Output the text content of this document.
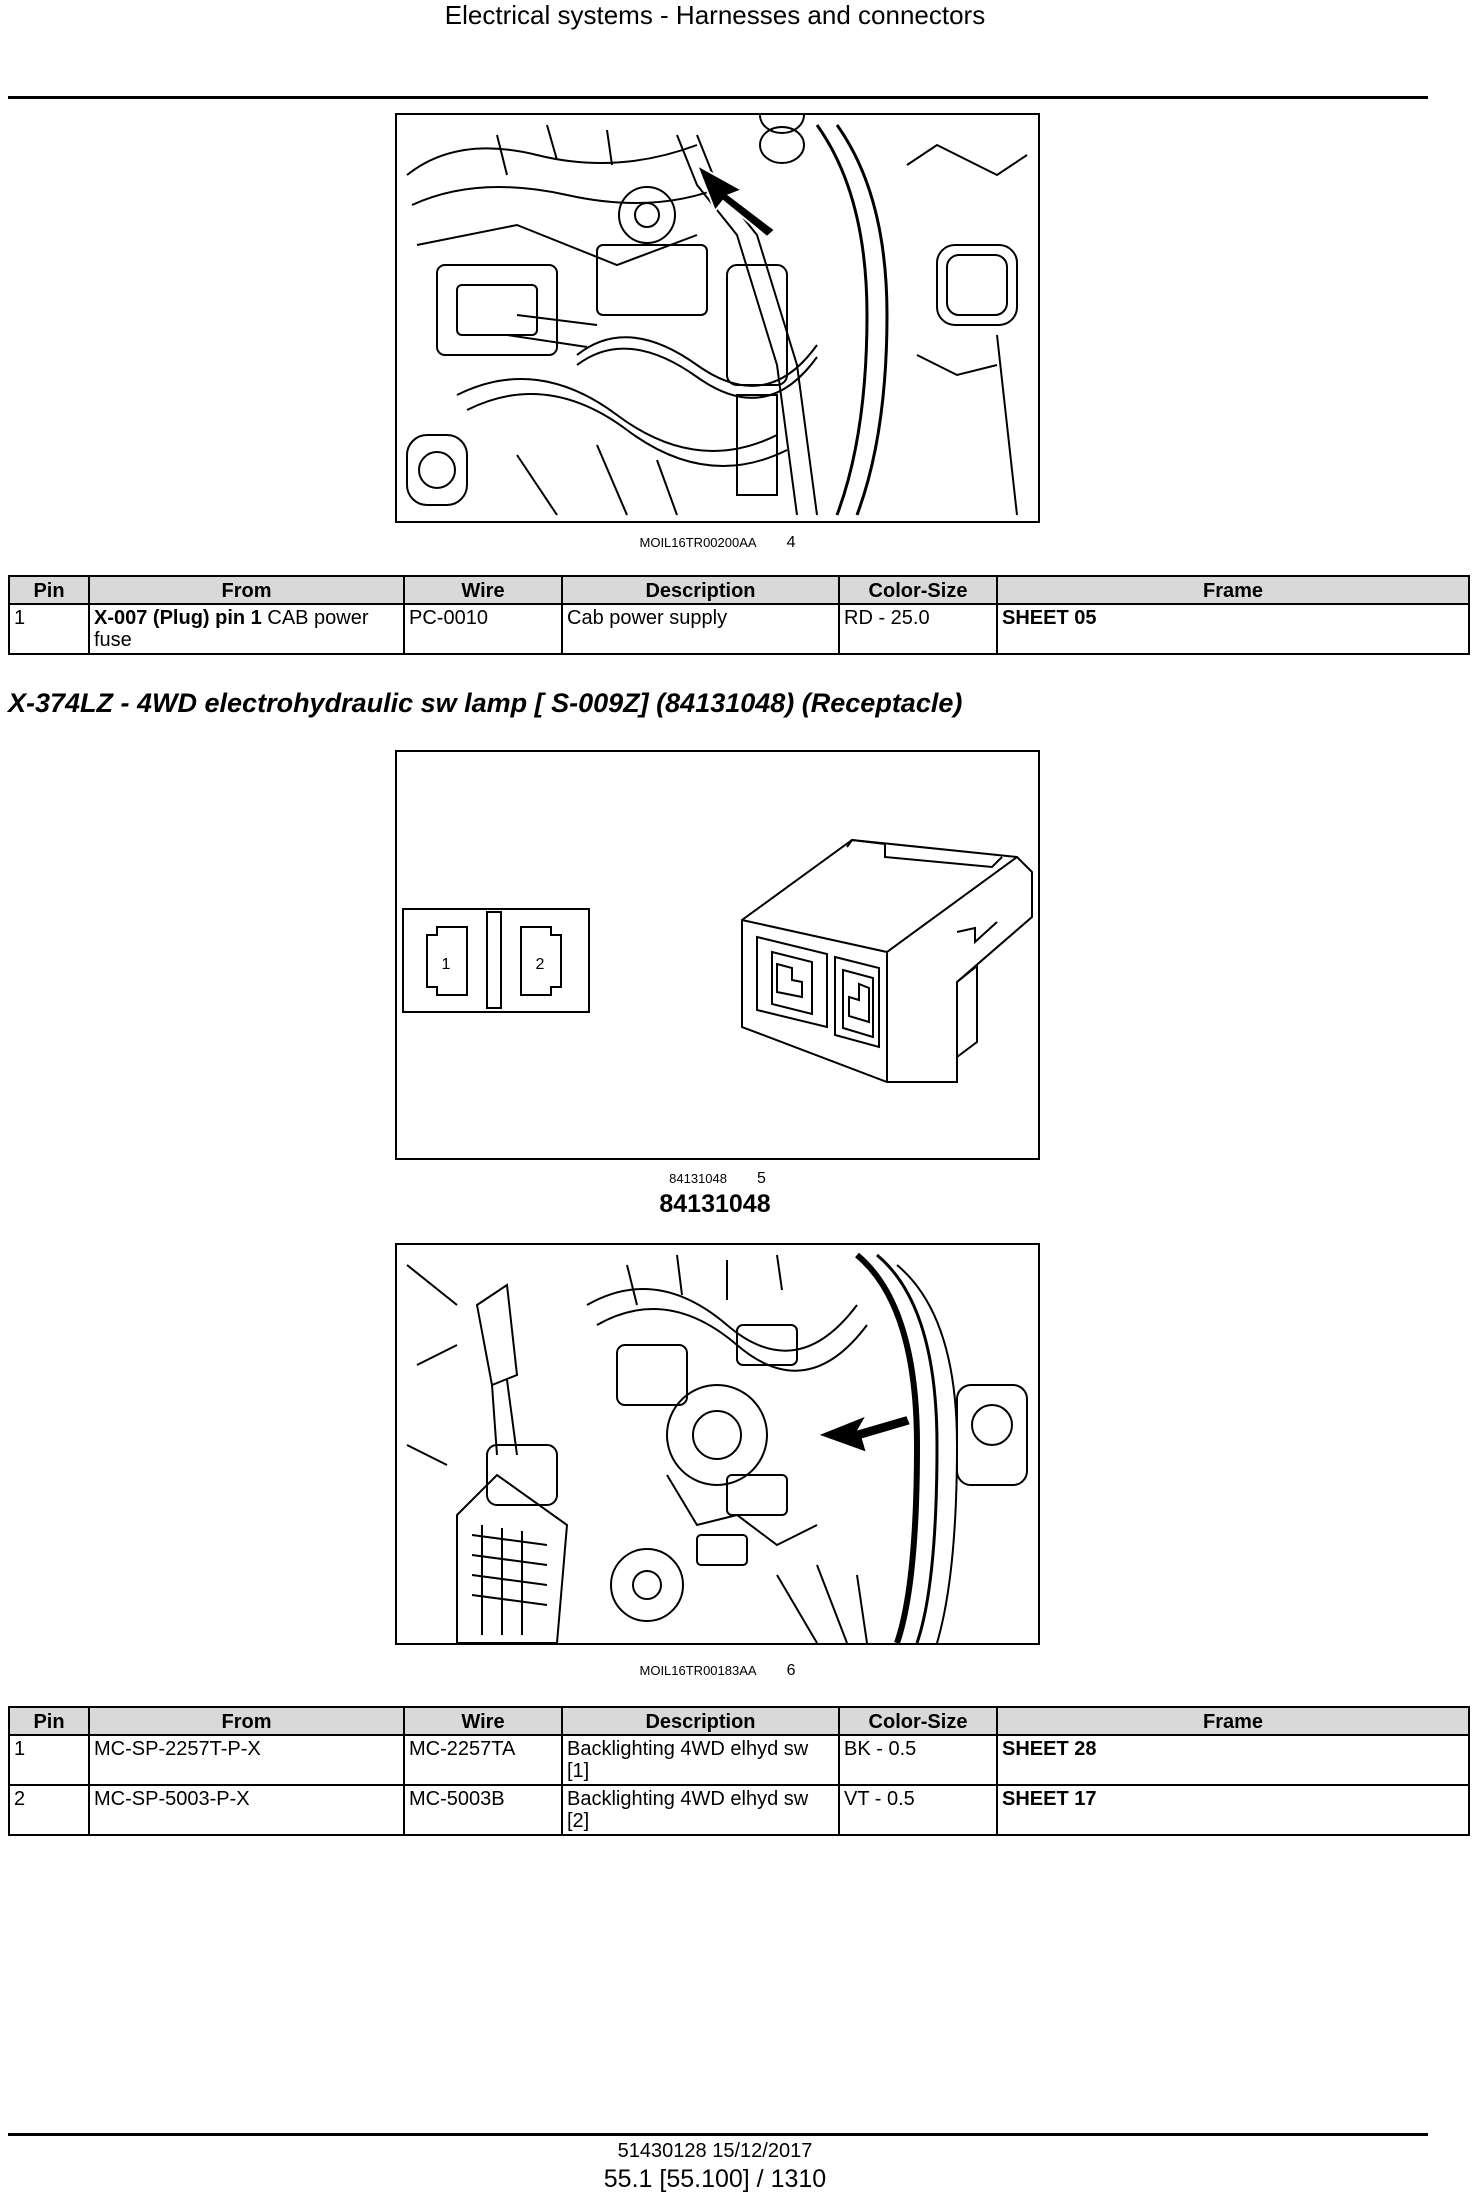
Electrical systems - Harnesses and connectors
MOIL16TR00200AA 4
Pin	From	Wire	Description	Color-Size	Frame
1	X-007 (Plug) pin 1 CAB power fuse	PC-0010	Cab power supply	RD - 25.0	SHEET 05
X-374LZ - 4WD electrohydraulic sw lamp [ S-009Z] (84131048) (Receptacle)
1	2
84131048 5
84131048
MOIL16TR00183AA 6
Pin	From	Wire	Description	Color-Size	Frame
1	MC-SP-2257T-P-X	MC-2257TA	Backlighting 4WD elhyd sw [1]	BK - 0.5	SHEET 28
2	MC-SP-5003-P-X	MC-5003B	Backlighting 4WD elhyd sw [2]	VT - 0.5	SHEET 17
51430128 15/12/2017
55.1 [55.100] / 1310
